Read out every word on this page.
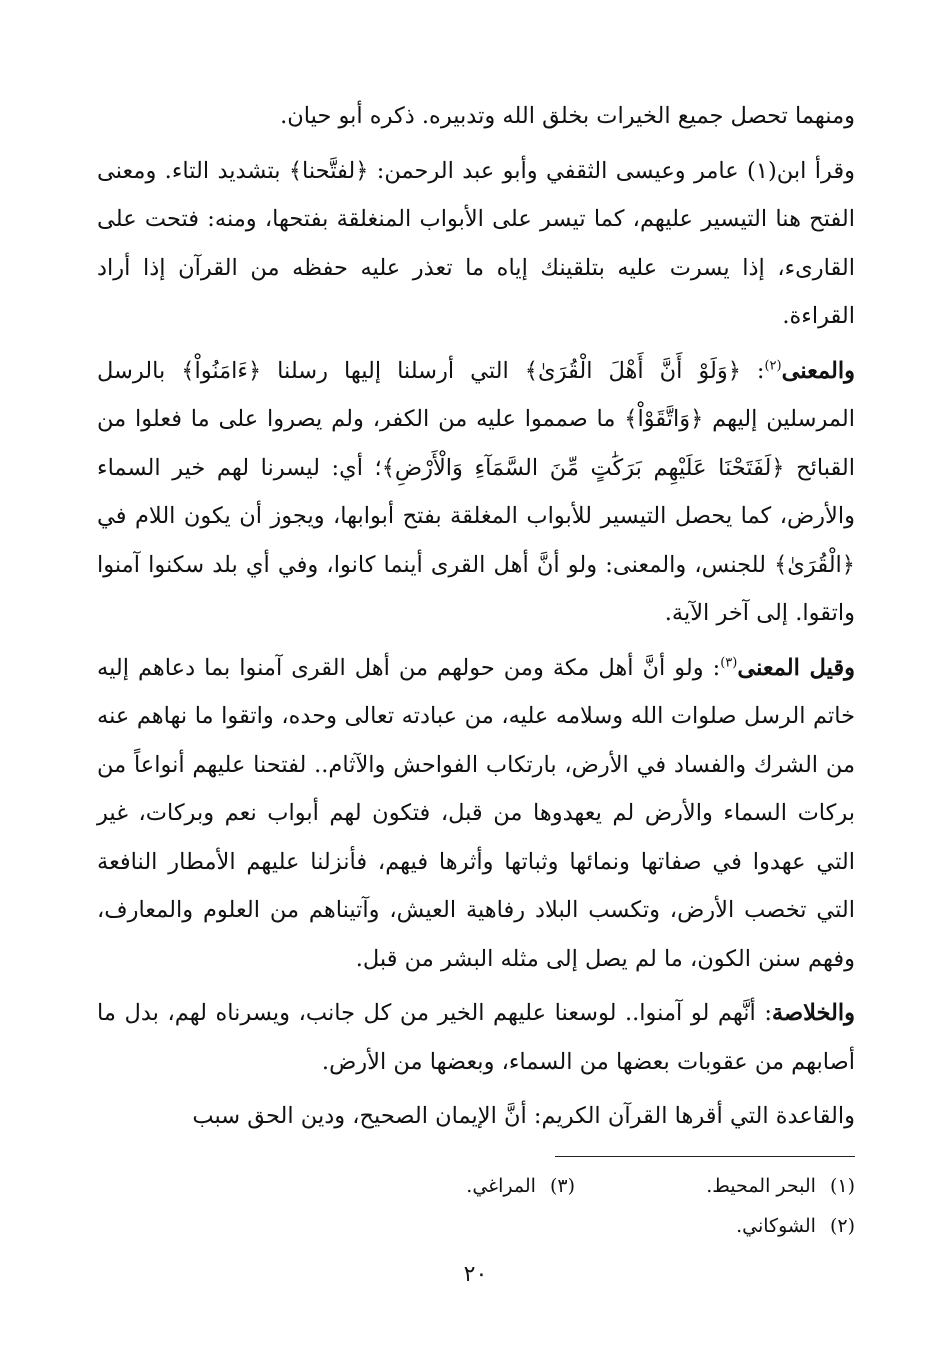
ومنهما تحصل جميع الخيرات بخلق الله وتدبيره. ذكره أبو حيان.

وقرأ ابن(١) عامر وعيسى الثقفي وأبو عبد الرحمن: ﴿لفتَّحنا﴾ بتشديد التاء. ومعنى الفتح هنا التيسير عليهم، كما تيسر على الأبواب المنغلقة بفتحها، ومنه: فتحت على القارىء، إذا يسرت عليه بتلقينك إياه ما تعذر عليه حفظه من القرآن إذا أراد القراءة.

والمعنى$^{(٢)}$: ﴿وَلَوْ أَنَّ أَهْلَ الْقُرَىٰ﴾ التي أرسلنا إليها رسلنا ﴿ءَامَنُواْ﴾ بالرسل المرسلين إليهم ﴿وَاتَّقَوْاْ﴾ ما صمموا عليه من الكفر، ولم يصروا على ما فعلوا من القبائح ﴿لَفَتَحْنَا عَلَيْهِم بَرَكَٰتٍ مِّنَ السَّمَآءِ وَالْأَرْضِ﴾؛ أي: ليسرنا لهم خير السماء والأرض، كما يحصل التيسير للأبواب المغلقة بفتح أبوابها، ويجوز أن يكون اللام في ﴿الْقُرَىٰ﴾ للجنس، والمعنى: ولو أنَّ أهل القرى أينما كانوا، وفي أي بلد سكنوا آمنوا واتقوا. إلى آخر الآية.

وقيل المعنى$^{(٣)}$: ولو أنَّ أهل مكة ومن حولهم من أهل القرى آمنوا بما دعاهم إليه خاتم الرسل صلوات الله وسلامه عليه، من عبادته تعالى وحده، واتقوا ما نهاهم عنه من الشرك والفساد في الأرض، بارتكاب الفواحش والآثام.. لفتحنا عليهم أنواعاً من بركات السماء والأرض لم يعهدوها من قبل، فتكون لهم أبواب نعم وبركات، غير التي عهدوا في صفاتها ونمائها وثباتها وأثرها فيهم، فأنزلنا عليهم الأمطار النافعة التي تخصب الأرض، وتكسب البلاد رفاهية العيش، وآتيناهم من العلوم والمعارف، وفهم سنن الكون، ما لم يصل إلى مثله البشر من قبل.

والخلاصة: أنَّهم لو آمنوا.. لوسعنا عليهم الخير من كل جانب، ويسرناه لهم، بدل ما أصابهم من عقوبات بعضها من السماء، وبعضها من الأرض.

والقاعدة التي أقرها القرآن الكريم: أنَّ الإيمان الصحيح، ودين الحق سبب

(١)البحر المحيط.
(٣)المراغي.
(٢)الشوكاني.
٢٠
